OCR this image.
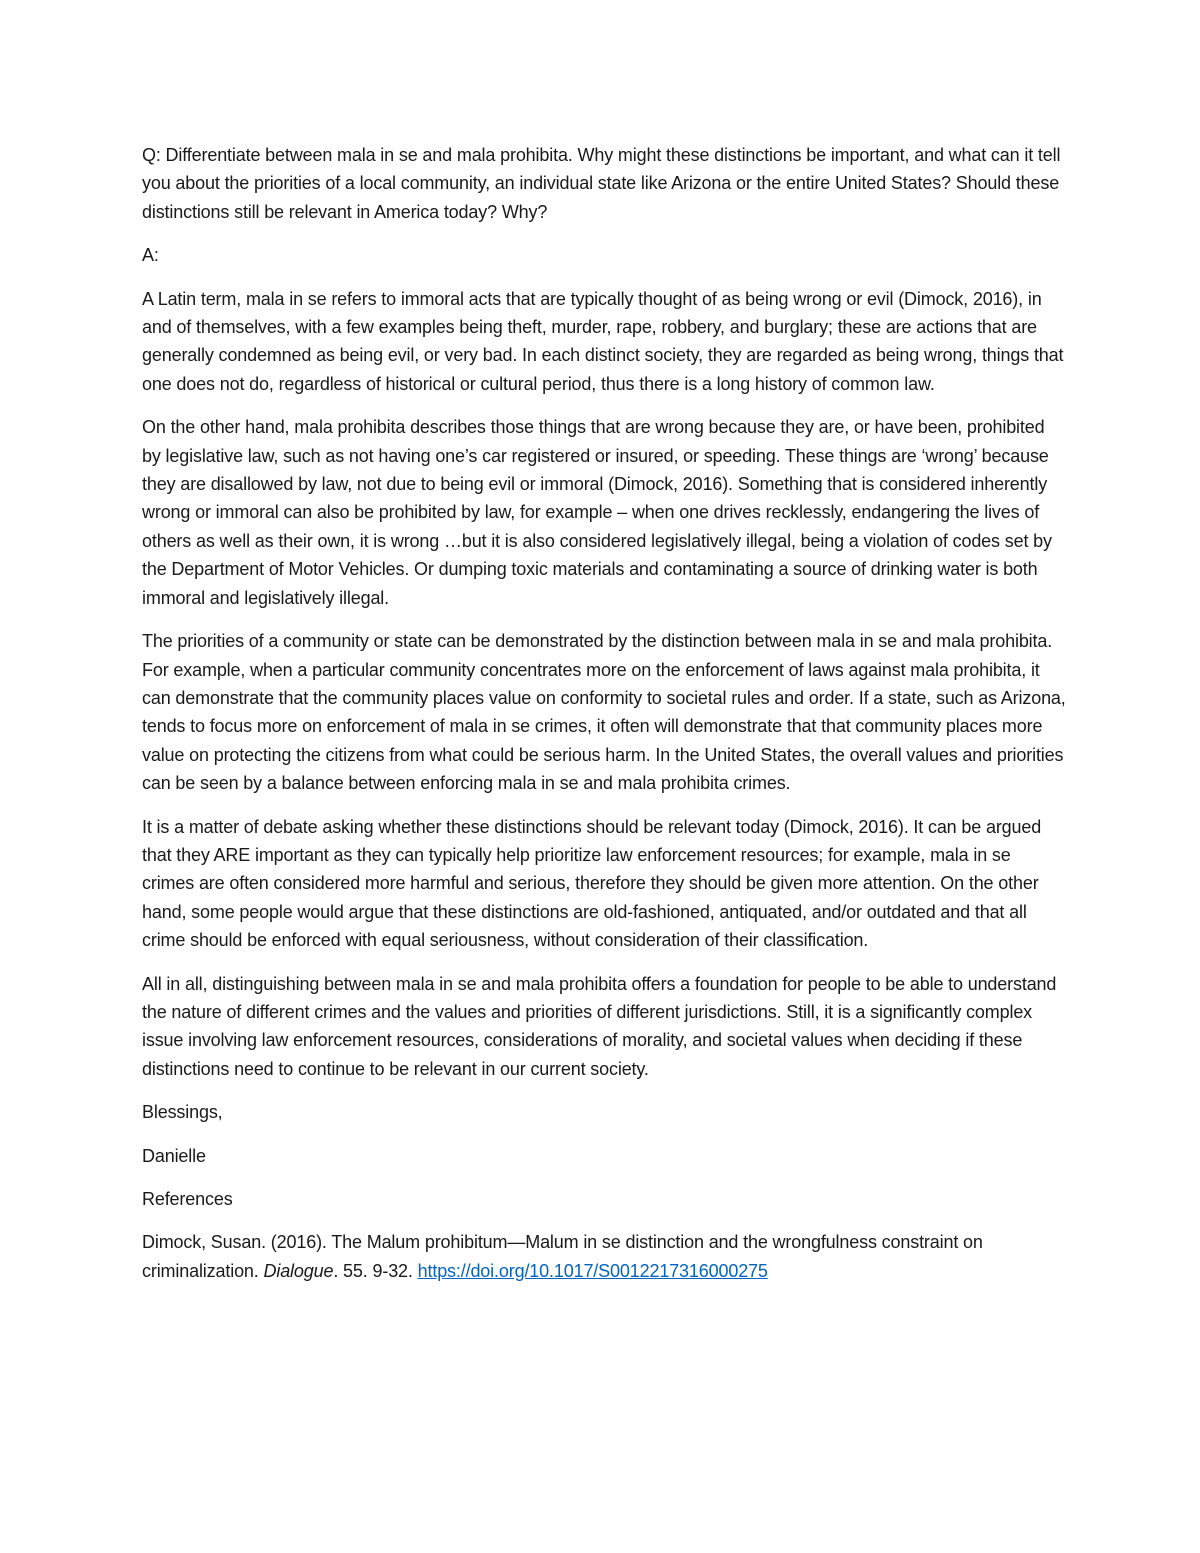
Q: Differentiate between mala in se and mala prohibita. Why might these distinctions be important, and what can it tell you about the priorities of a local community, an individual state like Arizona or the entire United States? Should these distinctions still be relevant in America today? Why?

A:

A Latin term, mala in se refers to immoral acts that are typically thought of as being wrong or evil (Dimock, 2016), in and of themselves, with a few examples being theft, murder, rape, robbery, and burglary; these are actions that are generally condemned as being evil, or very bad. In each distinct society, they are regarded as being wrong, things that one does not do, regardless of historical or cultural period, thus there is a long history of common law.

On the other hand, mala prohibita describes those things that are wrong because they are, or have been, prohibited by legislative law, such as not having one’s car registered or insured, or speeding. These things are ‘wrong’ because they are disallowed by law, not due to being evil or immoral (Dimock, 2016). Something that is considered inherently wrong or immoral can also be prohibited by law, for example – when one drives recklessly, endangering the lives of others as well as their own, it is wrong …but it is also considered legislatively illegal, being a violation of codes set by the Department of Motor Vehicles. Or dumping toxic materials and contaminating a source of drinking water is both immoral and legislatively illegal.

The priorities of a community or state can be demonstrated by the distinction between mala in se and mala prohibita. For example, when a particular community concentrates more on the enforcement of laws against mala prohibita, it can demonstrate that the community places value on conformity to societal rules and order. If a state, such as Arizona, tends to focus more on enforcement of mala in se crimes, it often will demonstrate that that community places more value on protecting the citizens from what could be serious harm. In the United States, the overall values and priorities can be seen by a balance between enforcing mala in se and mala prohibita crimes.

It is a matter of debate asking whether these distinctions should be relevant today (Dimock, 2016). It can be argued that they ARE important as they can typically help prioritize law enforcement resources; for example, mala in se crimes are often considered more harmful and serious, therefore they should be given more attention. On the other hand, some people would argue that these distinctions are old-fashioned, antiquated, and/or outdated and that all crime should be enforced with equal seriousness, without consideration of their classification.

All in all, distinguishing between mala in se and mala prohibita offers a foundation for people to be able to understand the nature of different crimes and the values and priorities of different jurisdictions. Still, it is a significantly complex issue involving law enforcement resources, considerations of morality, and societal values when deciding if these distinctions need to continue to be relevant in our current society.

Blessings,

Danielle

References

Dimock, Susan. (2016). The Malum prohibitum—Malum in se distinction and the wrongfulness constraint on criminalization. Dialogue. 55. 9-32. https://doi.org/10.1017/S0012217316000275
